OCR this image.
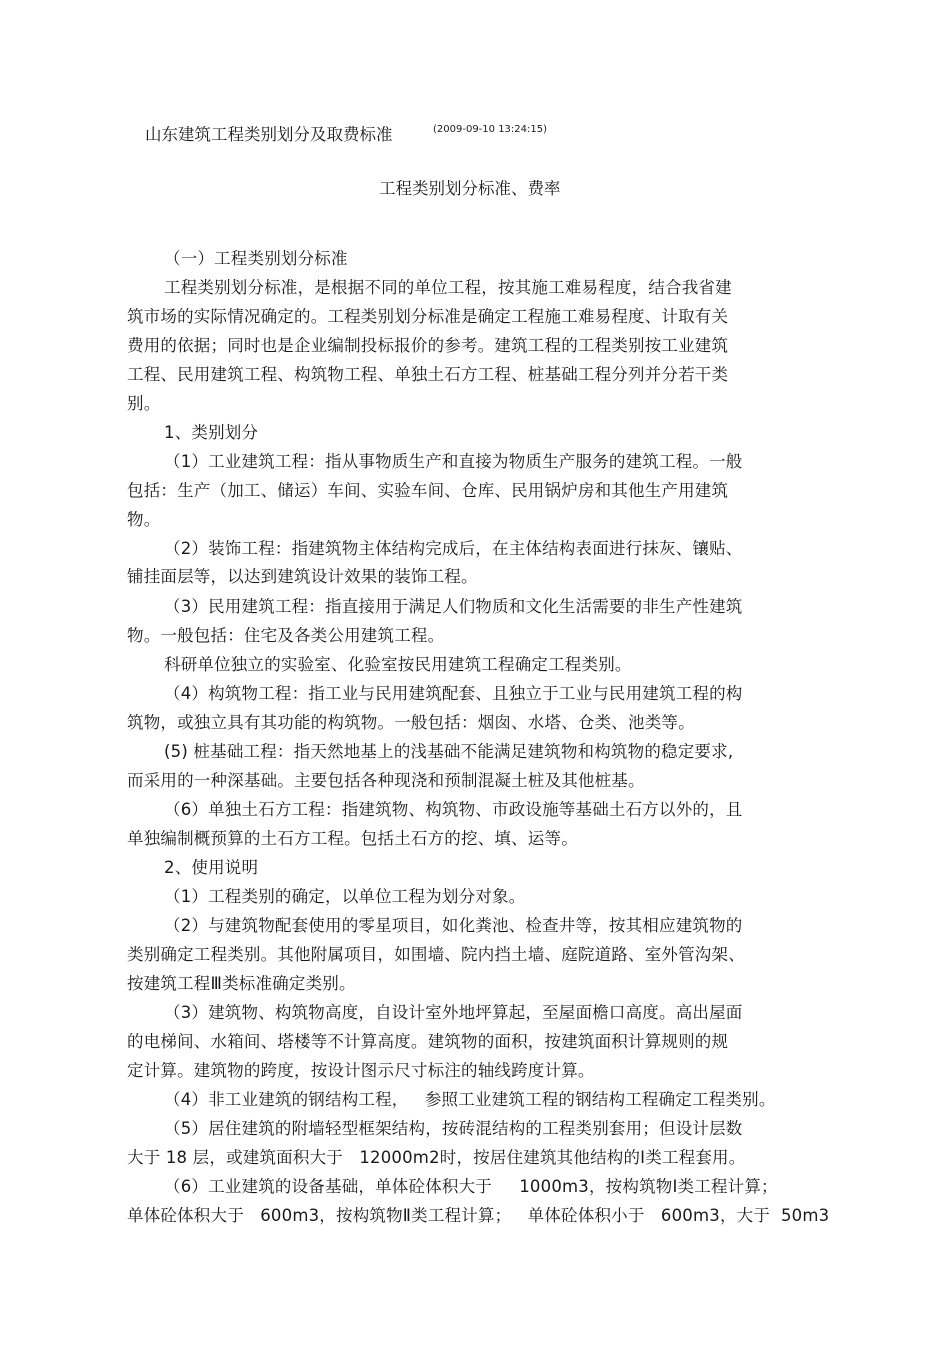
山东建筑工程类别划分及取费标准	(2009-09-10 13:24:15)
工程类别划分标准、费率
（一）工程类别划分标准
工程类别划分标准，是根据不同的单位工程，按其施工难易程度，结合我省建
筑市场的实际情况确定的。工程类别划分标准是确定工程施工难易程度、计取有关
费用的依据；同时也是企业编制投标报价的参考。建筑工程的工程类别按工业建筑
工程、民用建筑工程、构筑物工程、单独土石方工程、桩基础工程分列并分若干类
别。
1、类别划分
（1）工业建筑工程：指从事物质生产和直接为物质生产服务的建筑工程。一般
包括：生产（加工、储运）车间、实验车间、仓库、民用锅炉房和其他生产用建筑
物。
（2）装饰工程：指建筑物主体结构完成后，在主体结构表面进行抹灰、镶贴、
铺挂面层等，以达到建筑设计效果的装饰工程。
（3）民用建筑工程：指直接用于满足人们物质和文化生活需要的非生产性建筑
物。一般包括：住宅及各类公用建筑工程。
科研单位独立的实验室、化验室按民用建筑工程确定工程类别。
（4）构筑物工程：指工业与民用建筑配套、且独立于工业与民用建筑工程的构
筑物，或独立具有其功能的构筑物。一般包括：烟囱、水塔、仓类、池类等。
(5) 桩基础工程：指天然地基上的浅基础不能满足建筑物和构筑物的稳定要求,
而采用的一种深基础。主要包括各种现浇和预制混凝土桩及其他桩基。
（6）单独土石方工程：指建筑物、构筑物、市政设施等基础土石方以外的，且
单独编制概预算的土石方工程。包括土石方的挖、填、运等。
2、使用说明
（1）工程类别的确定，以单位工程为划分对象。
（2）与建筑物配套使用的零星项目，如化粪池、检查井等，按其相应建筑物的
类别确定工程类别。其他附属项目，如围墙、院内挡土墙、庭院道路、室外管沟架、
按建筑工程Ⅲ类标准确定类别。
（3）建筑物、构筑物高度，自设计室外地坪算起，至屋面檐口高度。高出屋面
的电梯间、水箱间、塔楼等不计算高度。建筑物的面积，按建筑面积计算规则的规
定计算。建筑物的跨度，按设计图示尺寸标注的轴线跨度计算。
（4）非工业建筑的钢结构工程，   参照工业建筑工程的钢结构工程确定工程类别。
（5）居住建筑的附墙轻型框架结构，按砖混结构的工程类别套用；但设计层数
大于 18 层，或建筑面积大于   12000m2时，按居住建筑其他结构的Ⅰ类工程套用。
（6）工业建筑的设备基础，单体砼体积大于     1000m3，按构筑物Ⅰ类工程计算；
单体砼体积大于   600m3，按构筑物Ⅱ类工程计算；   单体砼体积小于   600m3，大于  50m3
